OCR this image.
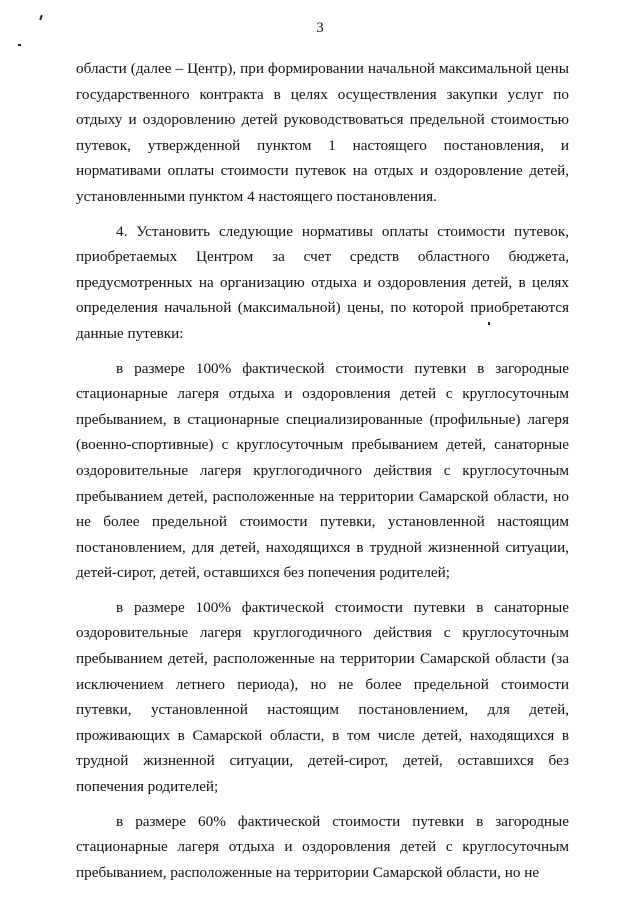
3

области (далее – Центр), при формировании начальной максимальной цены государственного контракта в целях осуществления закупки услуг по отдыху и оздоровлению детей руководствоваться предельной стоимостью путевок, утвержденной пунктом 1 настоящего постановления, и нормативами оплаты стоимости путевок на отдых и оздоровление детей, установленными пунктом 4 настоящего постановления.

4. Установить следующие нормативы оплаты стоимости путевок, приобретаемых Центром за счет средств областного бюджета, предусмотренных на организацию отдыха и оздоровления детей, в целях определения начальной (максимальной) цены, по которой приобретаются данные путевки:

в размере 100% фактической стоимости путевки в загородные стационарные лагеря отдыха и оздоровления детей с круглосуточным пребыванием, в стационарные специализированные (профильные) лагеря (военно-спортивные) с круглосуточным пребыванием детей, санаторные оздоровительные лагеря круглогодичного действия с круглосуточным пребыванием детей, расположенные на территории Самарской области, но не более предельной стоимости путевки, установленной настоящим постановлением, для детей, находящихся в трудной жизненной ситуации, детей-сирот, детей, оставшихся без попечения родителей;

в размере 100% фактической стоимости путевки в санаторные оздоровительные лагеря круглогодичного действия с круглосуточным пребыванием детей, расположенные на территории Самарской области (за исключением летнего периода), но не более предельной стоимости путевки, установленной настоящим постановлением, для детей, проживающих в Самарской области, в том числе детей, находящихся в трудной жизненной ситуации, детей-сирот, детей, оставшихся без попечения родителей;

в размере 60% фактической стоимости путевки в загородные стационарные лагеря отдыха и оздоровления детей с круглосуточным пребыванием, расположенные на территории Самарской области, но не
